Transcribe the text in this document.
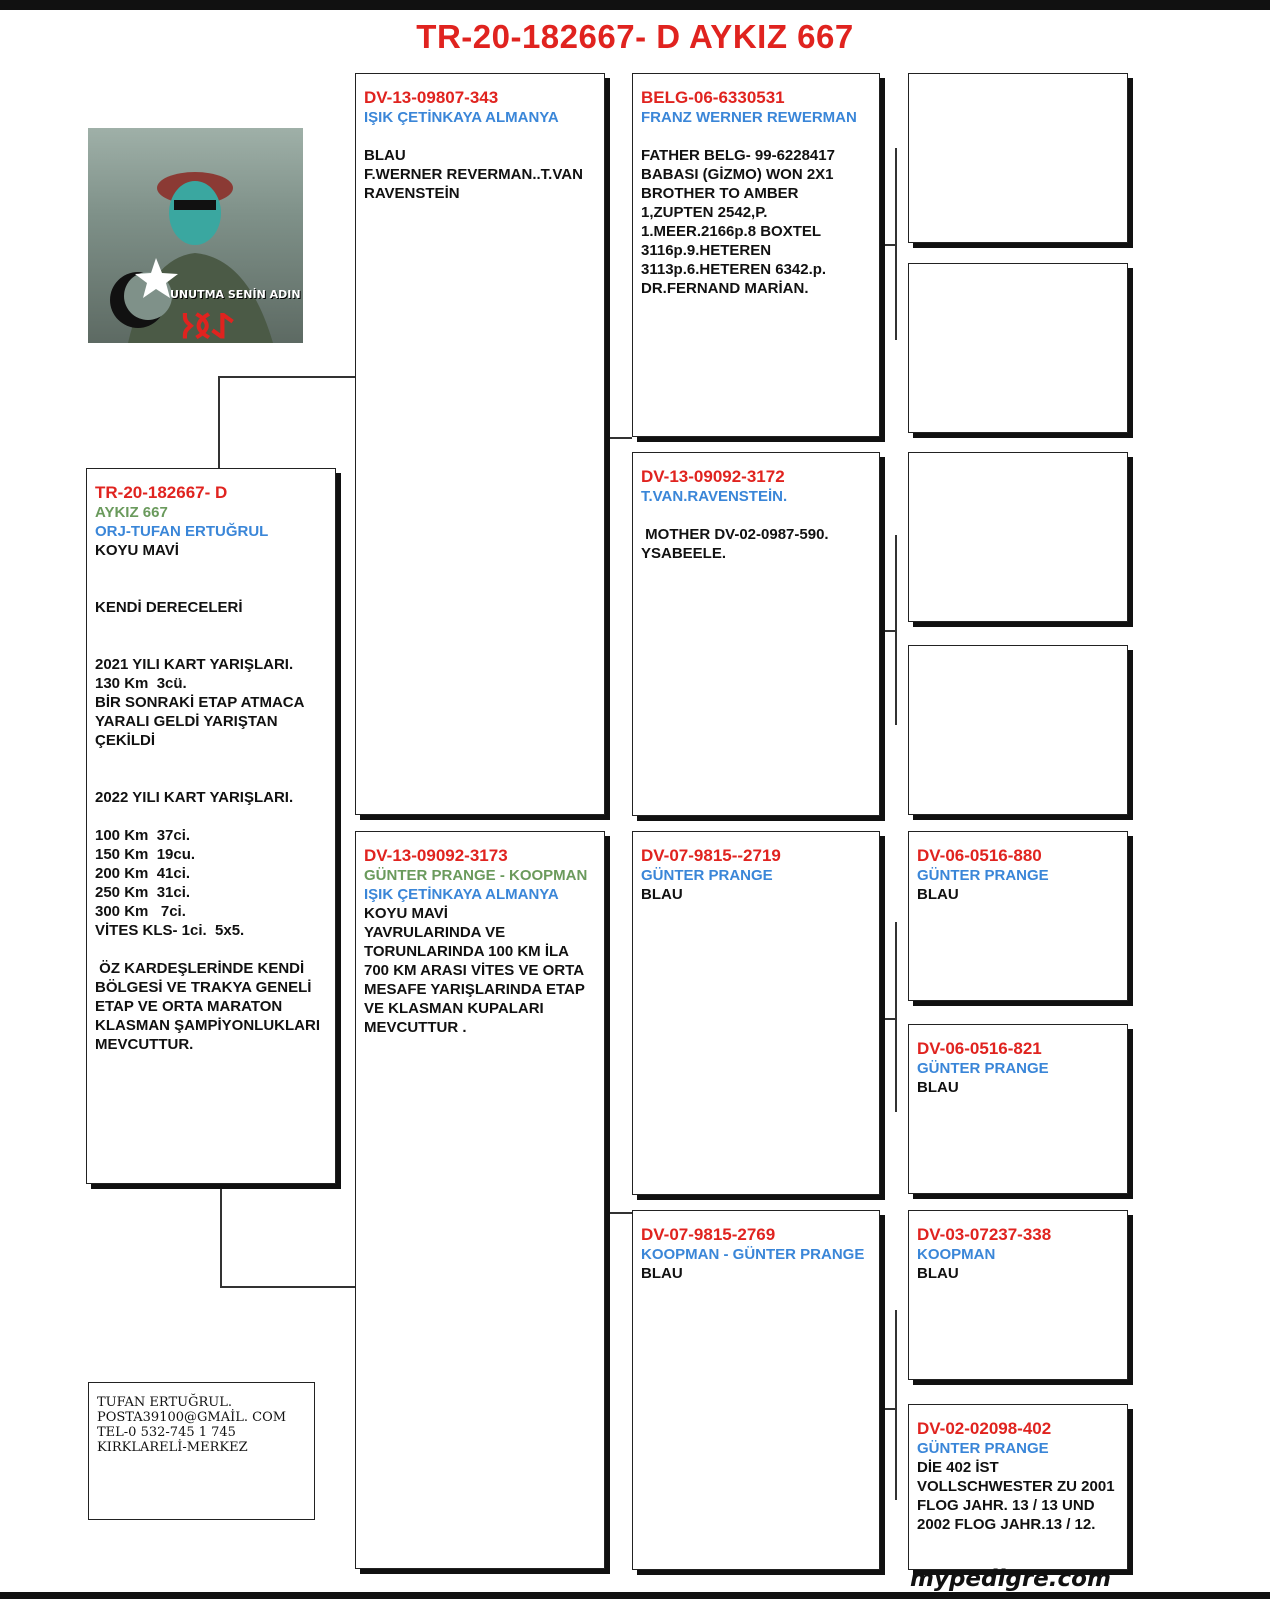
TR-20-182667- D AYKIZ 667
𐰀𐰅𐰆
UNUTMA SENİN ADIN
TR-20-182667- D
AYKIZ 667
ORJ-TUFAN ERTUĞRUL
KOYU MAVİ

KENDİ DERECELERİ

2021 YILI KART YARIŞLARI.
130 Km  3cü.
BİR SONRAKİ ETAP ATMACA YARALI GELDİ YARIŞTAN ÇEKİLDİ

2022 YILI KART YARIŞLARI.

100 Km  37ci.
150 Km  19cu.
200 Km  41ci.
250 Km  31ci.
300 Km   7ci.
VİTES KLS- 1ci.  5x5.

ÖZ KARDEŞLERİNDE KENDİ BÖLGESİ VE TRAKYA GENELİ ETAP VE ORTA MARATON KLASMAN ŞAMPİYONLUKLARI MEVCUTTUR.
DV-13-09807-343
IŞIK ÇETİNKAYA ALMANYA

BLAU
F.WERNER REVERMAN..T.VAN RAVENSTEİN
DV-13-09092-3173
GÜNTER PRANGE - KOOPMAN
IŞIK ÇETİNKAYA ALMANYA
KOYU MAVİ
YAVRULARINDA VE TORUNLARINDA 100 KM İLA 700 KM ARASI VİTES VE ORTA MESAFE YARIŞLARINDA ETAP VE KLASMAN KUPALARI MEVCUTTUR .
BELG-06-6330531
FRANZ WERNER REWERMAN

FATHER BELG- 99-6228417 BABASI (GİZMO) WON 2X1 BROTHER TO AMBER 1,ZUPTEN 2542,P. 1.MEER.2166p.8 BOXTEL 3116p.9.HETEREN 3113p.6.HETEREN 6342.p. DR.FERNAND MARİAN.
DV-13-09092-3172
T.VAN.RAVENSTEİN.

MOTHER DV-02-0987-590. YSABEELE.
DV-07-9815--2719
GÜNTER PRANGE
BLAU
DV-07-9815-2769
KOOPMAN - GÜNTER PRANGE
BLAU
DV-06-0516-880
GÜNTER PRANGE
BLAU
DV-06-0516-821
GÜNTER PRANGE
BLAU
DV-03-07237-338
KOOPMAN
BLAU
DV-02-02098-402
GÜNTER PRANGE
DİE 402 İST VOLLSCHWESTER ZU 2001 FLOG JAHR. 13 / 13 UND 2002 FLOG JAHR.13 / 12.
TUFAN ERTUĞRUL.
POSTA39100@GMAİL. COM
TEL-0 532-745 1 745
KIRKLARELİ-MERKEZ
mypedigre.com
